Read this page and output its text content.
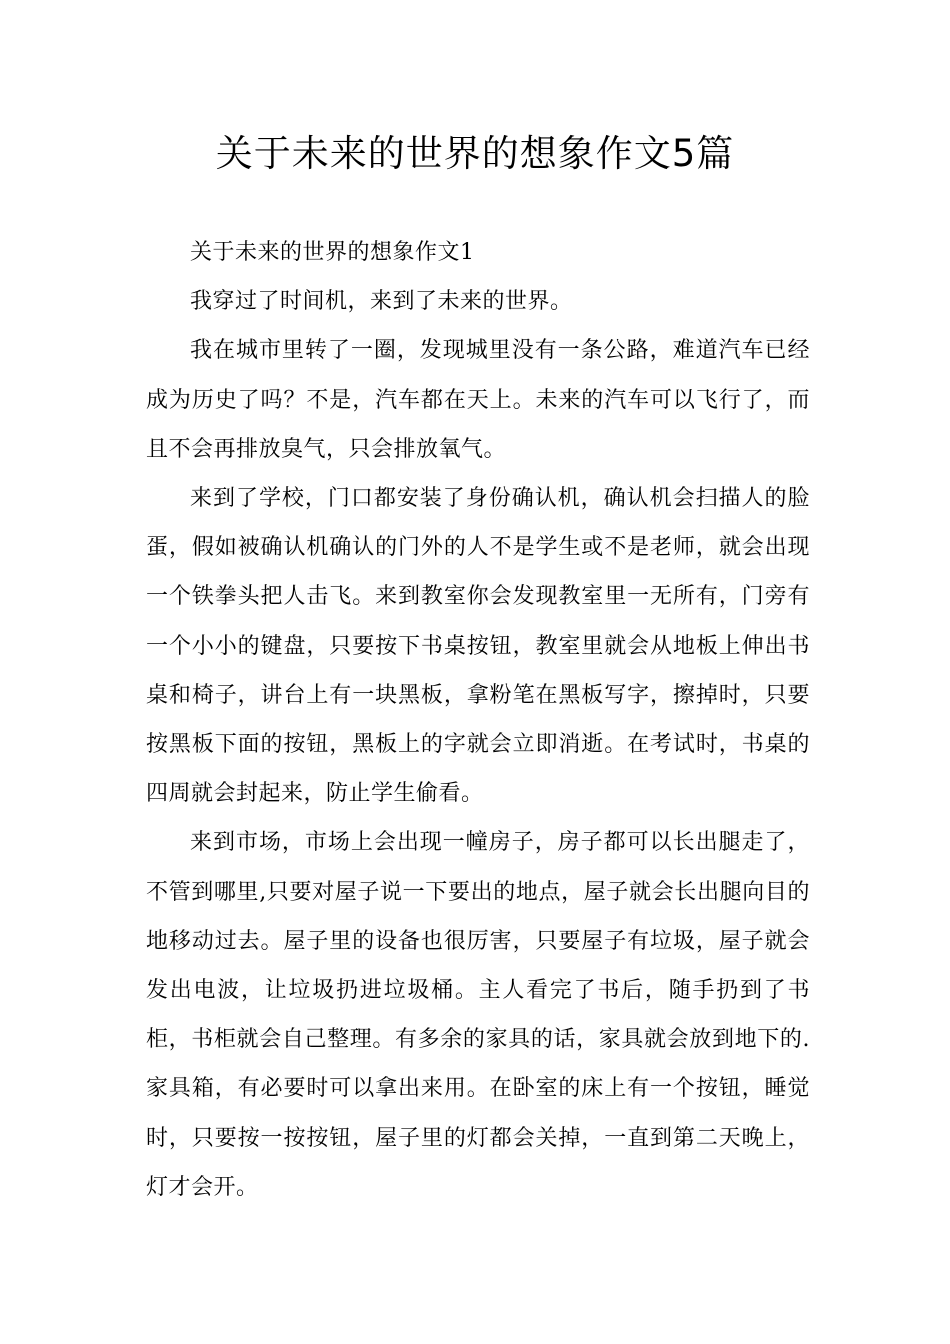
关于未来的世界的想象作文5篇

关于未来的世界的想象作文1

我穿过了时间机，来到了未来的世界。

我在城市里转了一圈，发现城里没有一条公路，难道汽车已经成为历史了吗？不是，汽车都在天上。未来的汽车可以飞行了，而且不会再排放臭气，只会排放氧气。

来到了学校，门口都安装了身份确认机，确认机会扫描人的脸蛋，假如被确认机确认的门外的人不是学生或不是老师，就会出现一个铁拳头把人击飞。来到教室你会发现教室里一无所有，门旁有一个小小的键盘，只要按下书桌按钮，教室里就会从地板上伸出书桌和椅子，讲台上有一块黑板，拿粉笔在黑板写字，擦掉时，只要按黑板下面的按钮，黑板上的字就会立即消逝。在考试时，书桌的四周就会封起来，防止学生偷看。

来到市场，市场上会出现一幢房子，房子都可以长出腿走了，不管到哪里,只要对屋子说一下要出的地点，屋子就会长出腿向目的地移动过去。屋子里的设备也很厉害，只要屋子有垃圾，屋子就会发出电波，让垃圾扔进垃圾桶。主人看完了书后，随手扔到了书柜，书柜就会自己整理。有多余的家具的话，家具就会放到地下的.家具箱，有必要时可以拿出来用。在卧室的床上有一个按钮，睡觉时，只要按一按按钮，屋子里的灯都会关掉，一直到第二天晚上，灯才会开。
